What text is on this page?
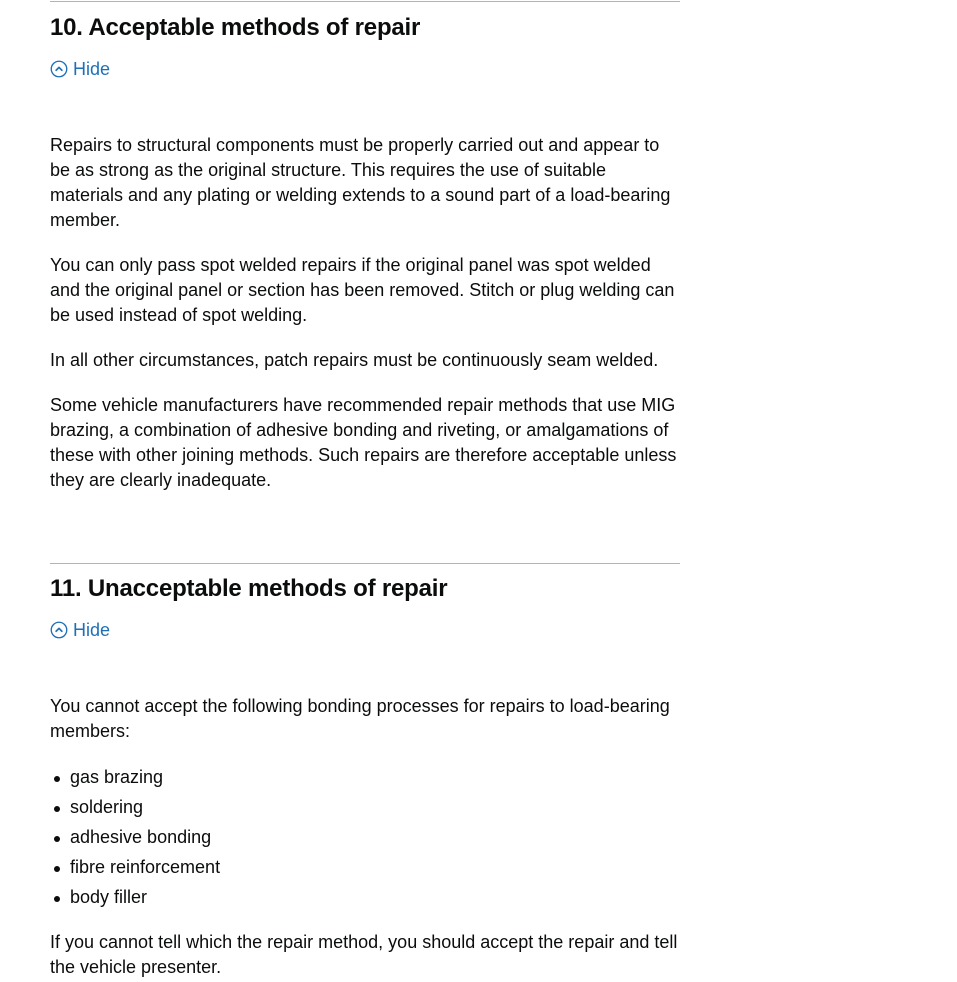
10. Acceptable methods of repair
Hide

Repairs to structural components must be properly carried out and appear to be as strong as the original structure. This requires the use of suitable materials and any plating or welding extends to a sound part of a load-bearing member.

You can only pass spot welded repairs if the original panel was spot welded and the original panel or section has been removed. Stitch or plug welding can be used instead of spot welding.

In all other circumstances, patch repairs must be continuously seam welded.

Some vehicle manufacturers have recommended repair methods that use MIG brazing, a combination of adhesive bonding and riveting, or amalgamations of these with other joining methods. Such repairs are therefore acceptable unless they are clearly inadequate.

11. Unacceptable methods of repair
Hide

You cannot accept the following bonding processes for repairs to load-bearing members:

gas brazing
soldering
adhesive bonding
fibre reinforcement
body filler

If you cannot tell which the repair method, you should accept the repair and tell the vehicle presenter.
